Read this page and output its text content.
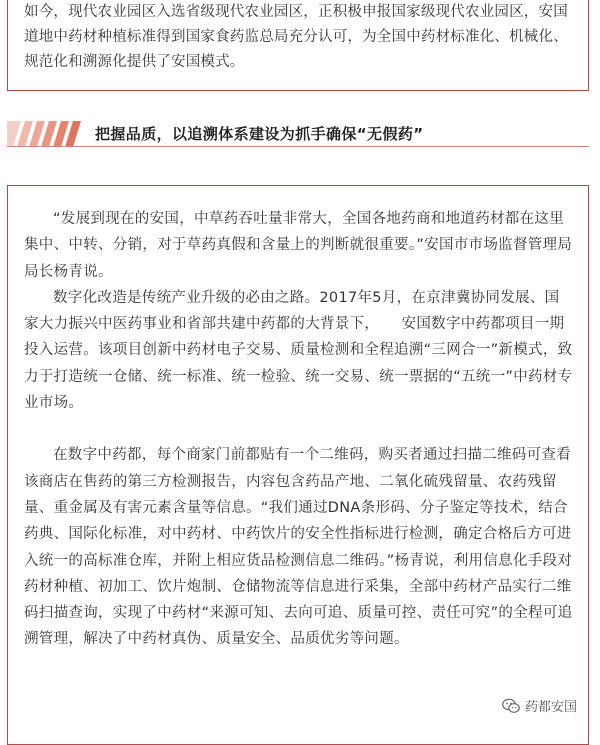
如今，现代农业园区入选省级现代农业园区，正积极申报国家级现代农业园区，安国道地中药材种植标准得到国家食药监总局充分认可，为全国中药材标准化、机械化、规范化和溯源化提供了安国模式。

把握品质，以追溯体系建设为抓手确保“无假药”

“发展到现在的安国，中草药吞吐量非常大，全国各地药商和地道药材都在这里集中、中转、分销，对于草药真假和含量上的判断就很重要。”安国市市场监督管理局局长杨青说。

数字化改造是传统产业升级的必由之路。2017年5月，在京津冀协同发展、国家大力振兴中医药事业和省部共建中药都的大背景下，　　安国数字中药都项目一期投入运营。该项目创新中药材电子交易、质量检测和全程追溯“三网合一”新模式，致力于打造统一仓储、统一标准、统一检验、统一交易、统一票据的“五统一”中药材专业市场。

在数字中药都，每个商家门前都贴有一个二维码，购买者通过扫描二维码可查看该商店在售药的第三方检测报告，内容包含药品产地、二氧化硫残留量、农药残留量、重金属及有害元素含量等信息。“我们通过DNA条形码、分子鉴定等技术，结合药典、国际化标准，对中药材、中药饮片的安全性指标进行检测，确定合格后方可进入统一的高标准仓库，并附上相应货品检测信息二维码。”杨青说，利用信息化手段对药材种植、初加工、饮片炮制、仓储物流等信息进行采集，全部中药材产品实行二维码扫描查询，实现了中药材“来源可知、去向可追、质量可控、责任可究”的全程可追溯管理，解决了中药材真伪、质量安全、品质优劣等问题。

药都安国
